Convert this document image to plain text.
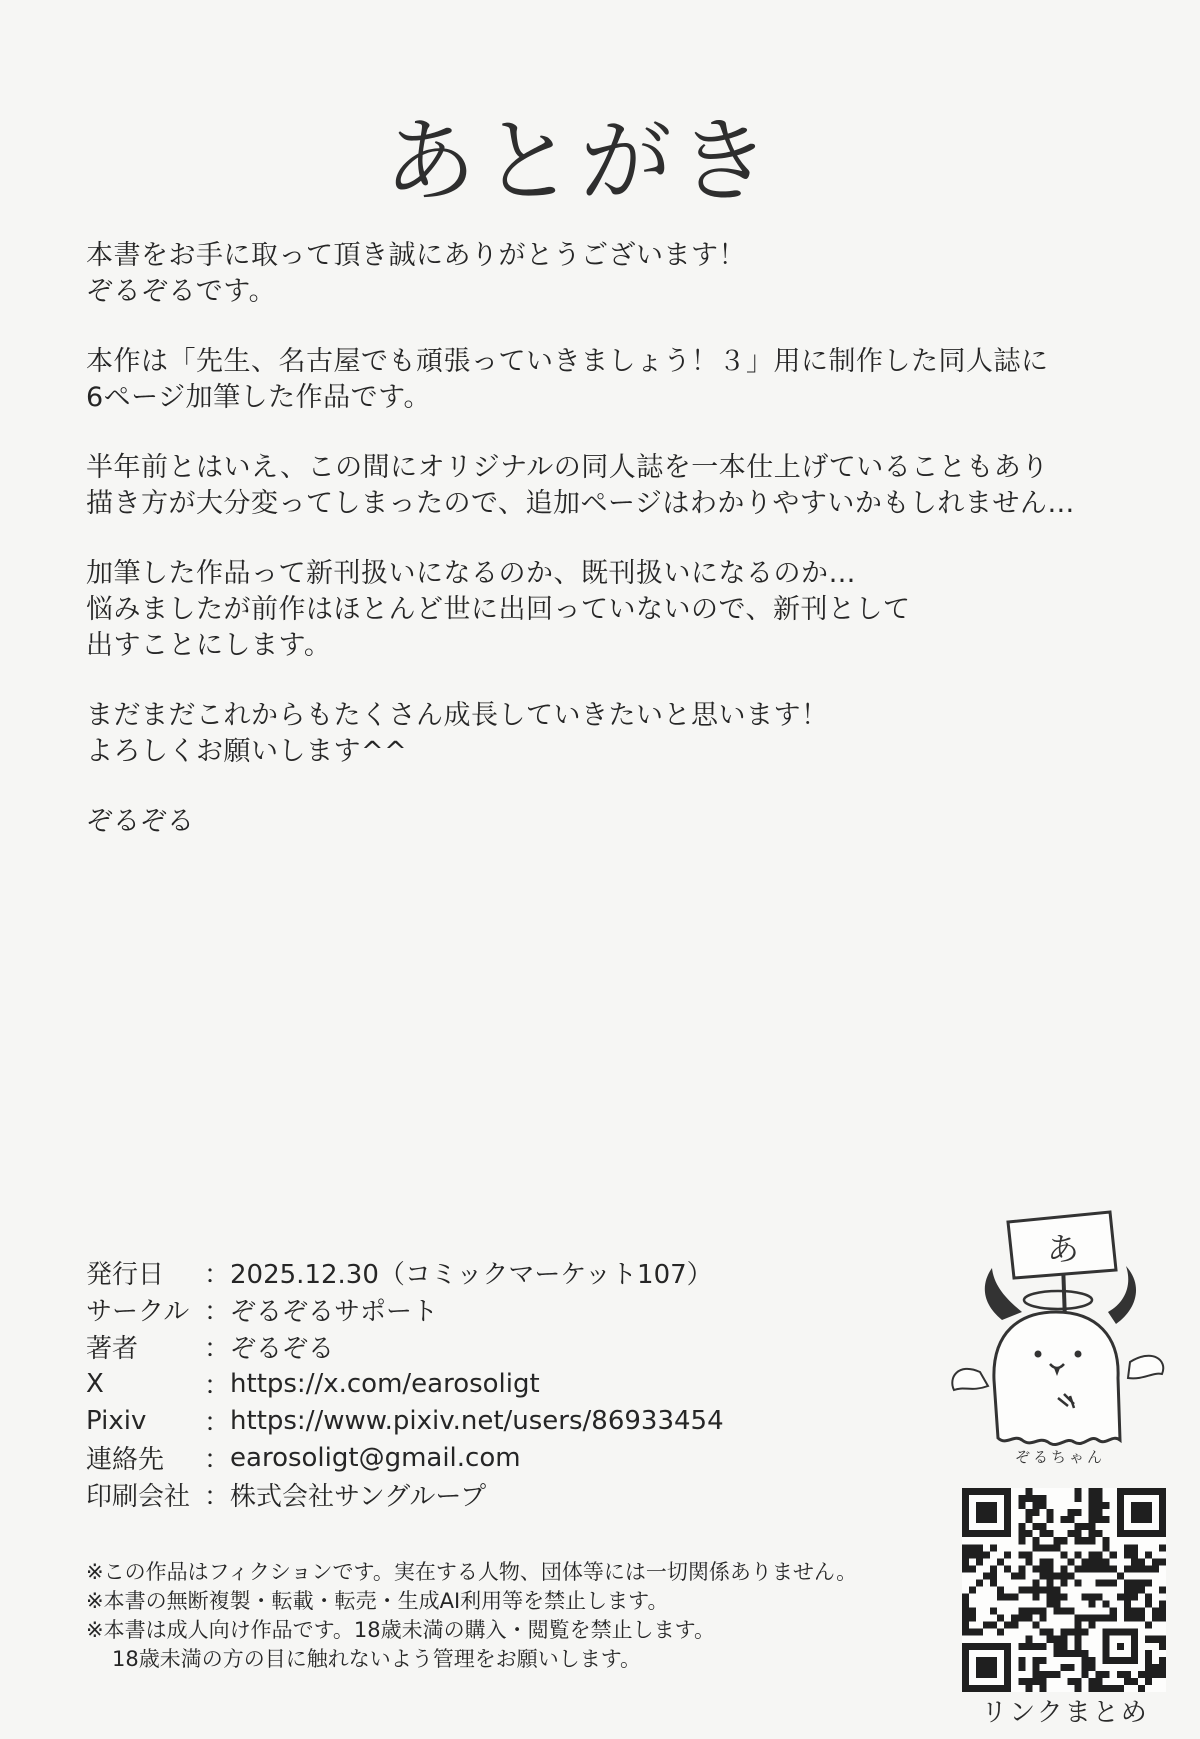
あとがき
本書をお手に取って頂き誠にありがとうございます！
ぞるぞるです。
本作は「先生、名古屋でも頑張っていきましょう！３」用に制作した同人誌に
6ページ加筆した作品です。
半年前とはいえ、この間にオリジナルの同人誌を一本仕上げていることもあり
描き方が大分変ってしまったので、追加ページはわかりやすいかもしれません…
加筆した作品って新刊扱いになるのか、既刊扱いになるのか…
悩みましたが前作はほとんど世に出回っていないので、新刊として
出すことにします。
まだまだこれからもたくさん成長していきたいと思います！
よろしくお願いします^^
ぞるぞる
発行日	：	2025.12.30（コミックマーケット107）
サークル	：	ぞるぞるサポート
著者	：	ぞるぞる
X	：	https://x.com/earosoligt
Pixiv	：	https://www.pixiv.net/users/86933454
連絡先	：	earosoligt@gmail.com
印刷会社	：	株式会社サングループ
※この作品はフィクションです。実在する人物、団体等には一切関係ありません。
※本書の無断複製・転載・転売・生成AI利用等を禁止します。
※本書は成人向け作品です。18歳未満の購入・閲覧を禁止します。
18歳未満の方の目に触れないよう管理をお願いします。
あ
ぞるちゃん
リンクまとめ
